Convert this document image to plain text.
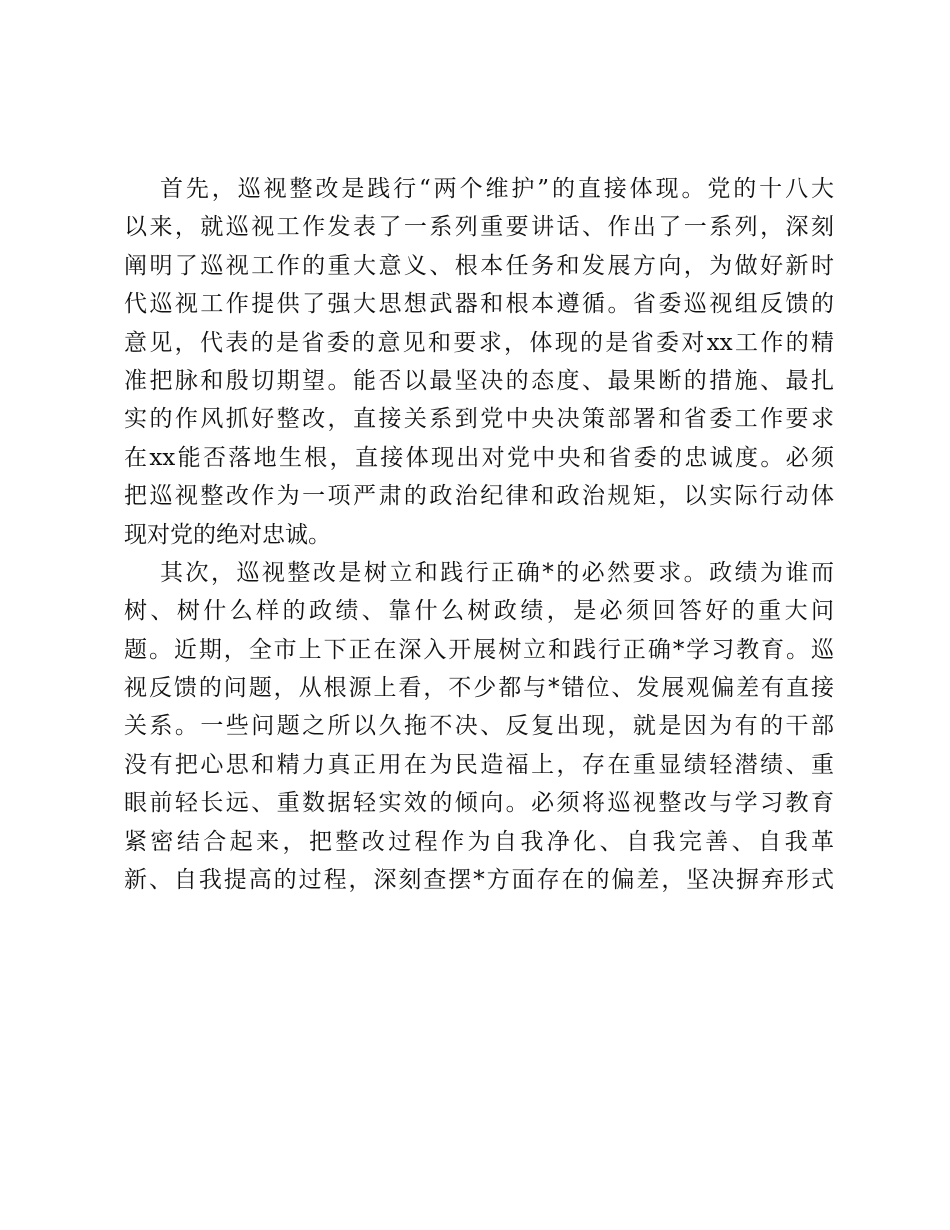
首先，巡视整改是践行“两个维护”的直接体现。党的十八大
以来，就巡视工作发表了一系列重要讲话、作出了一系列，深刻
阐明了巡视工作的重大意义、根本任务和发展方向，为做好新时
代巡视工作提供了强大思想武器和根本遵循。省委巡视组反馈的
意见，代表的是省委的意见和要求，体现的是省委对xx工作的精
准把脉和殷切期望。能否以最坚决的态度、最果断的措施、最扎
实的作风抓好整改，直接关系到党中央决策部署和省委工作要求
在xx能否落地生根，直接体现出对党中央和省委的忠诚度。必须
把巡视整改作为一项严肃的政治纪律和政治规矩，以实际行动体
现对党的绝对忠诚。
其次，巡视整改是树立和践行正确*的必然要求。政绩为谁而
树、树什么样的政绩、靠什么树政绩，是必须回答好的重大问
题。近期，全市上下正在深入开展树立和践行正确*学习教育。巡
视反馈的问题，从根源上看，不少都与*错位、发展观偏差有直接
关系。一些问题之所以久拖不决、反复出现，就是因为有的干部
没有把心思和精力真正用在为民造福上，存在重显绩轻潜绩、重
眼前轻长远、重数据轻实效的倾向。必须将巡视整改与学习教育
紧密结合起来，把整改过程作为自我净化、自我完善、自我革
新、自我提高的过程，深刻查摆*方面存在的偏差，坚决摒弃形式
